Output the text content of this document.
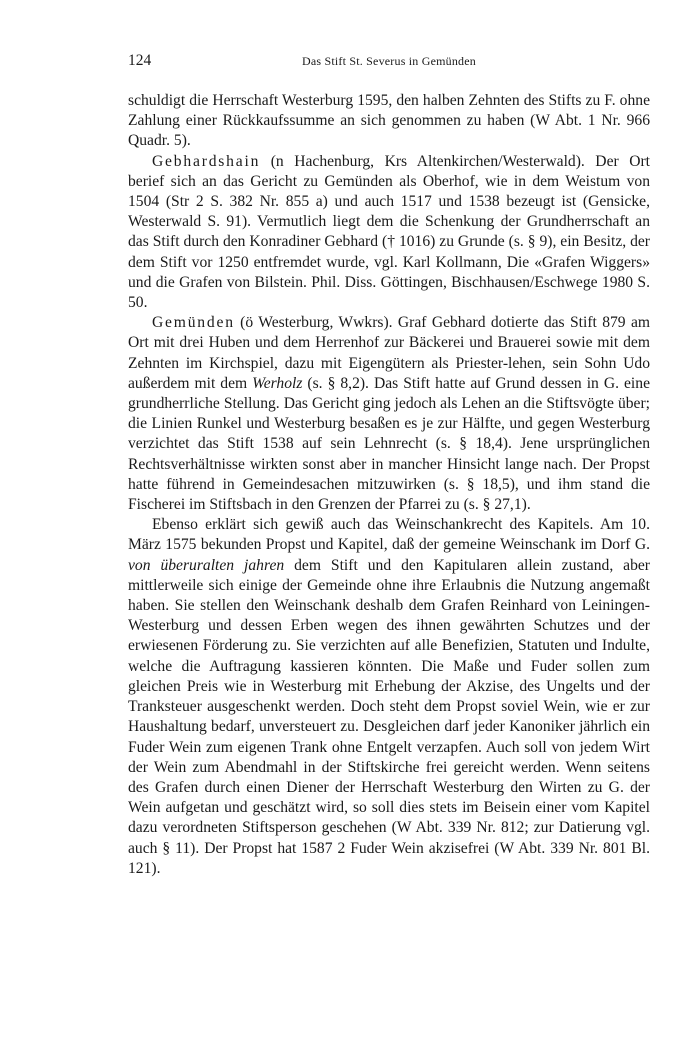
124	Das Stift St. Severus in Gemünden

schuldigt die Herrschaft Westerburg 1595, den halben Zehnten des Stifts zu F. ohne Zahlung einer Rückkaufssumme an sich genommen zu haben (W Abt. 1 Nr. 966 Quadr. 5).

Gebhardshain (n Hachenburg, Krs Altenkirchen/Westerwald). Der Ort berief sich an das Gericht zu Gemünden als Oberhof, wie in dem Weistum von 1504 (Str 2 S. 382 Nr. 855 a) und auch 1517 und 1538 bezeugt ist (Gensicke, Westerwald S. 91). Vermutlich liegt dem die Schenkung der Grundherrschaft an das Stift durch den Konradiner Gebhard († 1016) zu Grunde (s. § 9), ein Besitz, der dem Stift vor 1250 entfremdet wurde, vgl. Karl Kollmann, Die «Grafen Wiggers» und die Grafen von Bilstein. Phil. Diss. Göttingen, Bischhausen/Eschwege 1980 S. 50.

Gemünden (ö Westerburg, Wwkrs). Graf Gebhard dotierte das Stift 879 am Ort mit drei Huben und dem Herrenhof zur Bäckerei und Brauerei sowie mit dem Zehnten im Kirchspiel, dazu mit Eigengütern als Priester-lehen, sein Sohn Udo außerdem mit dem Werholz (s. § 8,2). Das Stift hatte auf Grund dessen in G. eine grundherrliche Stellung. Das Gericht ging jedoch als Lehen an die Stiftsvögte über; die Linien Runkel und Westerburg besaßen es je zur Hälfte, und gegen Westerburg verzichtet das Stift 1538 auf sein Lehnrecht (s. § 18,4). Jene ursprünglichen Rechtsverhältnisse wirkten sonst aber in mancher Hinsicht lange nach. Der Propst hatte führend in Gemeindesachen mitzuwirken (s. § 18,5), und ihm stand die Fischerei im Stiftsbach in den Grenzen der Pfarrei zu (s. § 27,1).

Ebenso erklärt sich gewiß auch das Weinschankrecht des Kapitels. Am 10. März 1575 bekunden Propst und Kapitel, daß der gemeine Weinschank im Dorf G. von überuralten jahren dem Stift und den Kapitularen allein zustand, aber mittlerweile sich einige der Gemeinde ohne ihre Erlaubnis die Nutzung angemaßt haben. Sie stellen den Weinschank deshalb dem Grafen Reinhard von Leiningen-Westerburg und dessen Erben wegen des ihnen gewährten Schutzes und der erwiesenen Förderung zu. Sie verzichten auf alle Benefizien, Statuten und Indulte, welche die Auftragung kassieren könnten. Die Maße und Fuder sollen zum gleichen Preis wie in Westerburg mit Erhebung der Akzise, des Ungelts und der Tranksteuer ausgeschenkt werden. Doch steht dem Propst soviel Wein, wie er zur Haushaltung bedarf, unversteuert zu. Desgleichen darf jeder Kanoniker jährlich ein Fuder Wein zum eigenen Trank ohne Entgelt verzapfen. Auch soll von jedem Wirt der Wein zum Abendmahl in der Stiftskirche frei gereicht werden. Wenn seitens des Grafen durch einen Diener der Herrschaft Westerburg den Wirten zu G. der Wein aufgetan und geschätzt wird, so soll dies stets im Beisein einer vom Kapitel dazu verordneten Stiftsperson geschehen (W Abt. 339 Nr. 812; zur Datierung vgl. auch § 11). Der Propst hat 1587 2 Fuder Wein akzisefrei (W Abt. 339 Nr. 801 Bl. 121).
